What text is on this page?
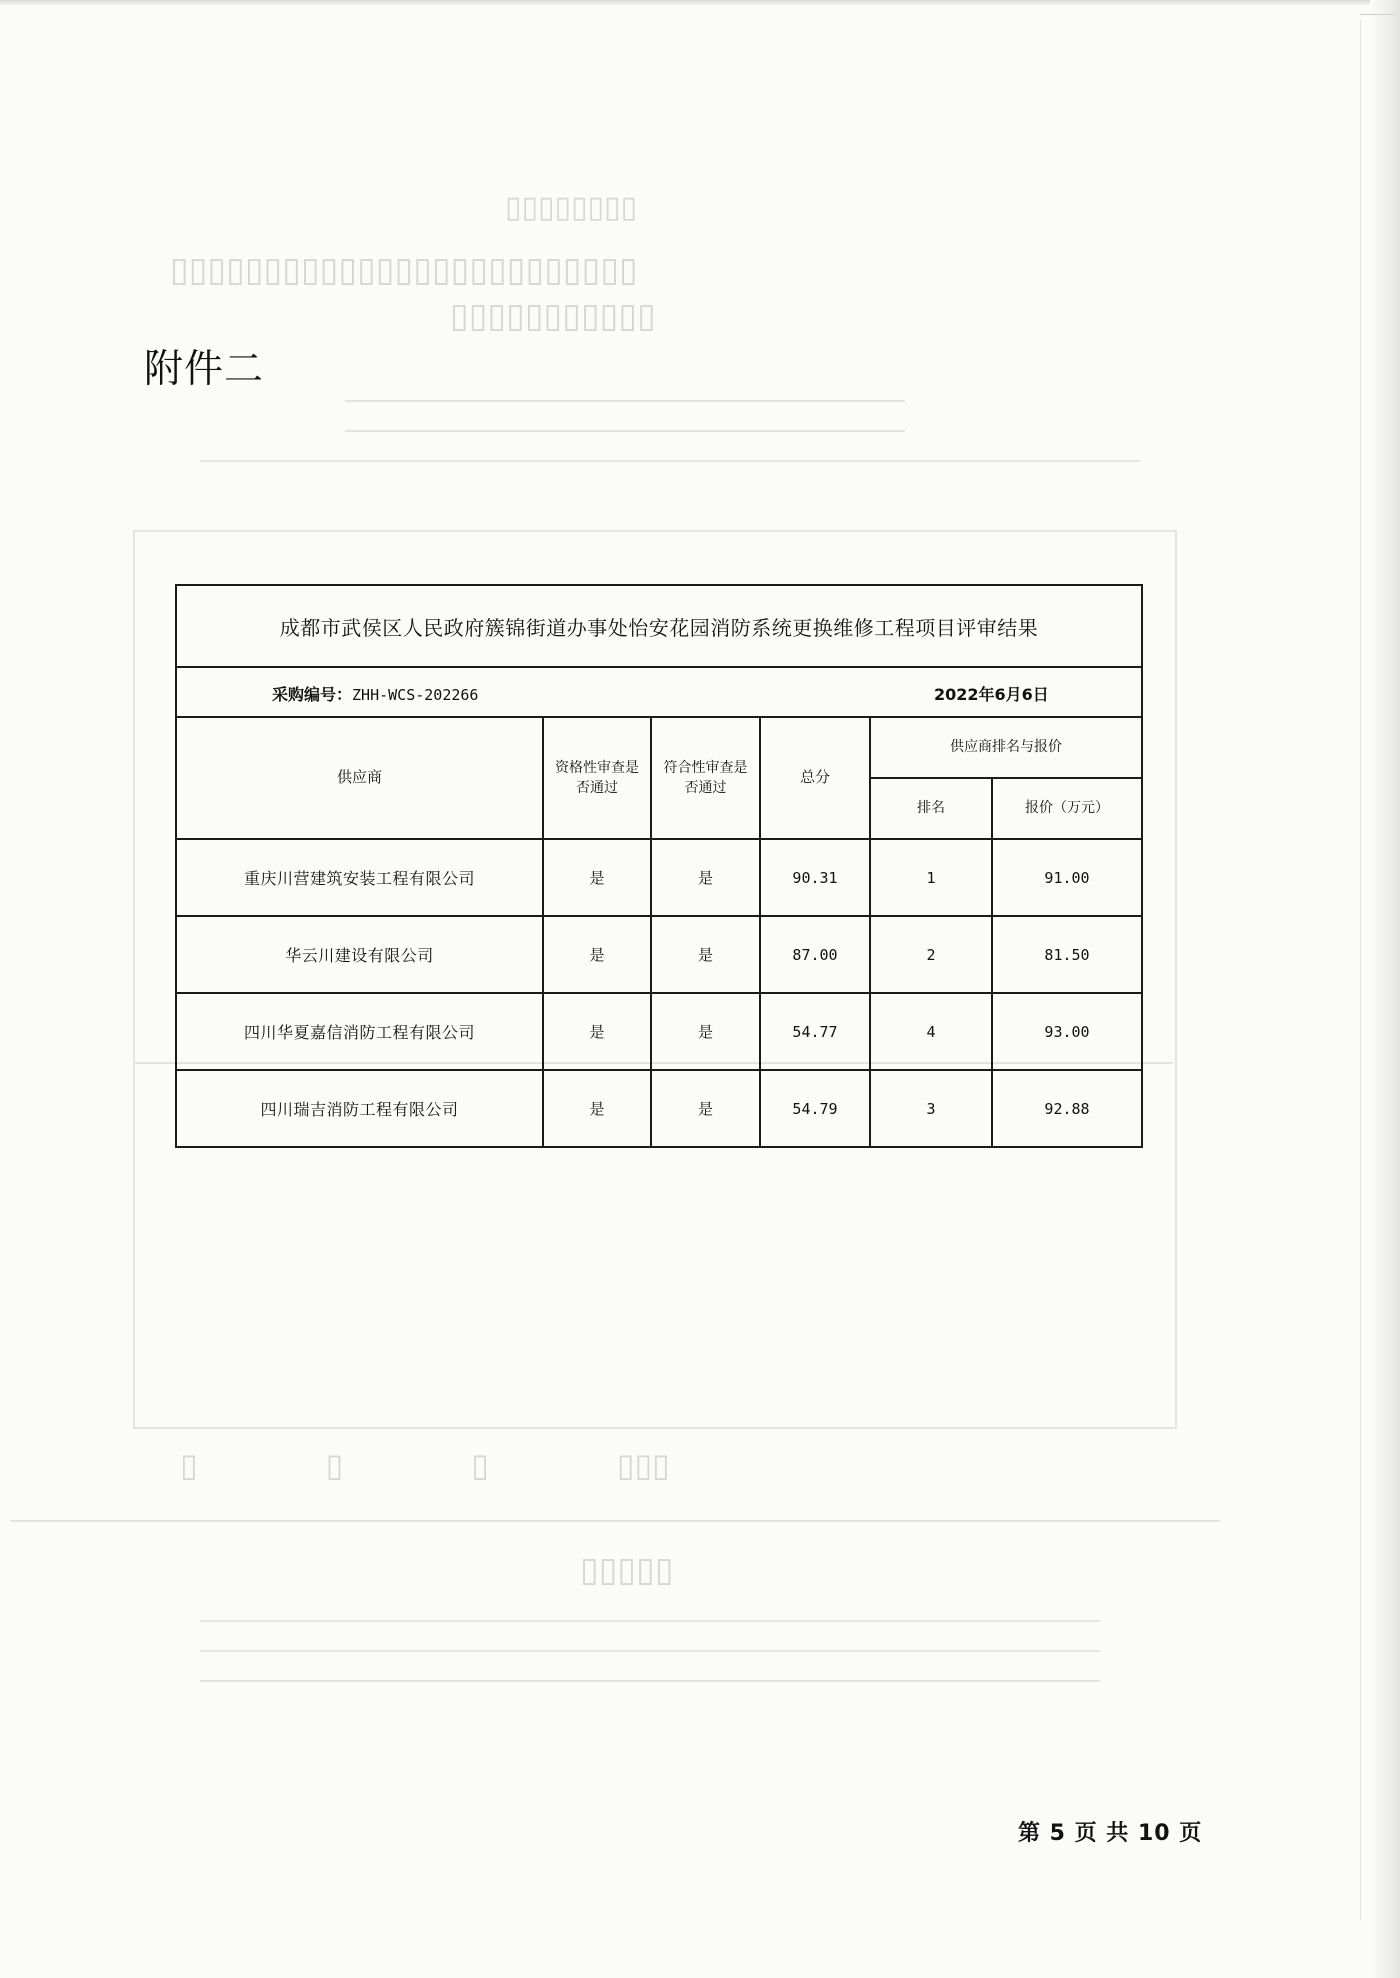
▯▯▯▯▯▯▯▯
▯▯▯▯▯▯▯▯▯▯▯▯▯▯▯▯▯▯▯▯▯▯▯▯▯
▯▯▯▯▯▯▯▯▯▯▯
▯　　　　▯　　　　▯　　　　▯▯▯
▯▯▯▯▯
附件二
成都市武侯区人民政府簇锦街道办事处怡安花园消防系统更换维修工程项目评审结果					

采购编号：ZHH-WCS-202266 2022年6月6日					

供应商	资格性审查是否通过	符合性审查是否通过	总分	供应商排名与报价	
				排名	报价（万元）
重庆川营建筑安装工程有限公司	是	是	90.31	1	91.00
华云川建设有限公司	是	是	87.00	2	81.50
四川华夏嘉信消防工程有限公司	是	是	54.77	4	93.00
四川瑞吉消防工程有限公司	是	是	54.79	3	92.88
第 5 页 共 10 页
